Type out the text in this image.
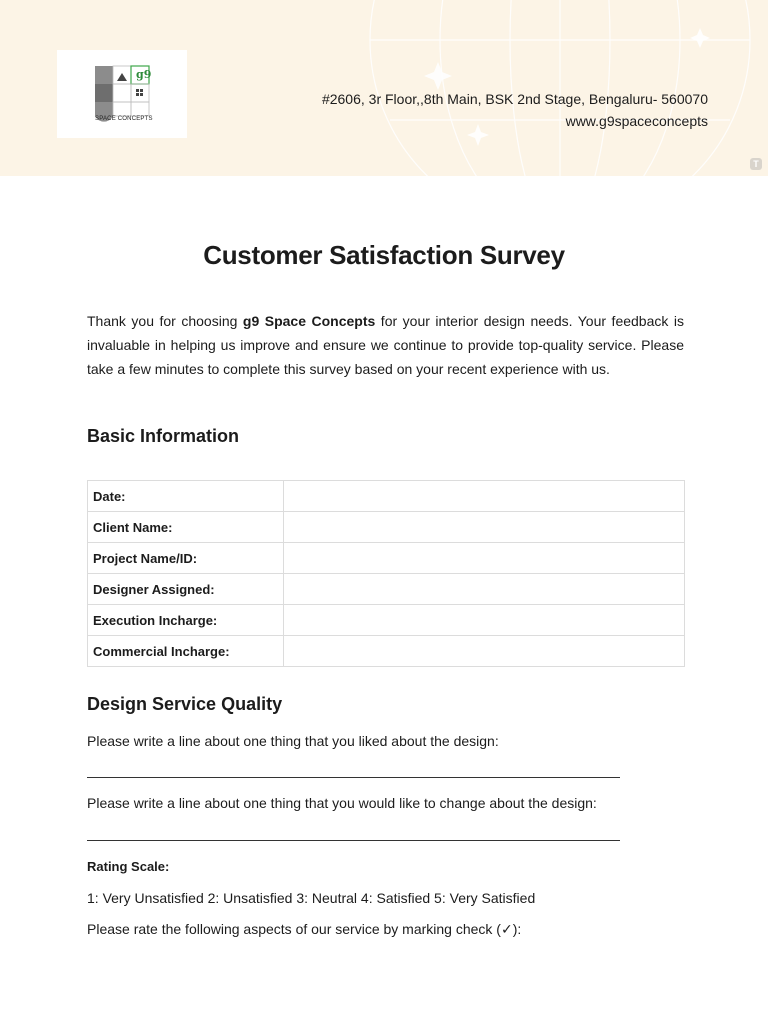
g9
SPACE CONCEPTS
#2606, 3r Floor,,8th Main, BSK 2nd Stage, Bengaluru- 560070
www.g9spaceconcepts
T
Customer Satisfaction Survey

Thank you for choosing g9 Space Concepts for your interior design needs. Your feedback is invaluable in helping us improve and ensure we continue to provide top-quality service. Please take a few minutes to complete this survey based on your recent experience with us.

Basic Information
Date:	
Client Name:	
Project Name/ID:	
Designer Assigned:	
Execution Incharge:	
Commercial Incharge:	
Design Service Quality

Please write a line about one thing that you liked about the design:

Please write a line about one thing that you would like to change about the design:

Rating Scale:

1: Very Unsatisfied 2: Unsatisfied 3: Neutral 4: Satisfied 5: Very Satisfied

Please rate the following aspects of our service by marking check (✓):
